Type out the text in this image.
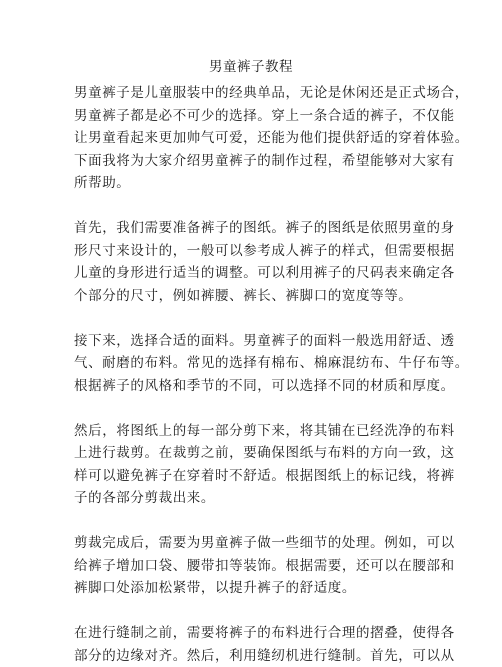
男童裤子教程
男童裤子是儿童服装中的经典单品，无论是休闲还是正式场合，
男童裤子都是必不可少的选择。穿上一条合适的裤子，不仅能
让男童看起来更加帅气可爱，还能为他们提供舒适的穿着体验。
下面我将为大家介绍男童裤子的制作过程，希望能够对大家有
所帮助。
首先，我们需要准备裤子的图纸。裤子的图纸是依照男童的身
形尺寸来设计的，一般可以参考成人裤子的样式，但需要根据
儿童的身形进行适当的调整。可以利用裤子的尺码表来确定各
个部分的尺寸，例如裤腰、裤长、裤脚口的宽度等等。
接下来，选择合适的面料。男童裤子的面料一般选用舒适、透
气、耐磨的布料。常见的选择有棉布、棉麻混纺布、牛仔布等。
根据裤子的风格和季节的不同，可以选择不同的材质和厚度。
然后，将图纸上的每一部分剪下来，将其铺在已经洗净的布料
上进行裁剪。在裁剪之前，要确保图纸与布料的方向一致，这
样可以避免裤子在穿着时不舒适。根据图纸上的标记线，将裤
子的各部分剪裁出来。
剪裁完成后，需要为男童裤子做一些细节的处理。例如，可以
给裤子增加口袋、腰带扣等装饰。根据需要，还可以在腰部和
裤脚口处添加松紧带，以提升裤子的舒适度。
在进行缝制之前，需要将裤子的布料进行合理的摺叠，使得各
部分的边缘对齐。然后，利用缝纫机进行缝制。首先，可以从
